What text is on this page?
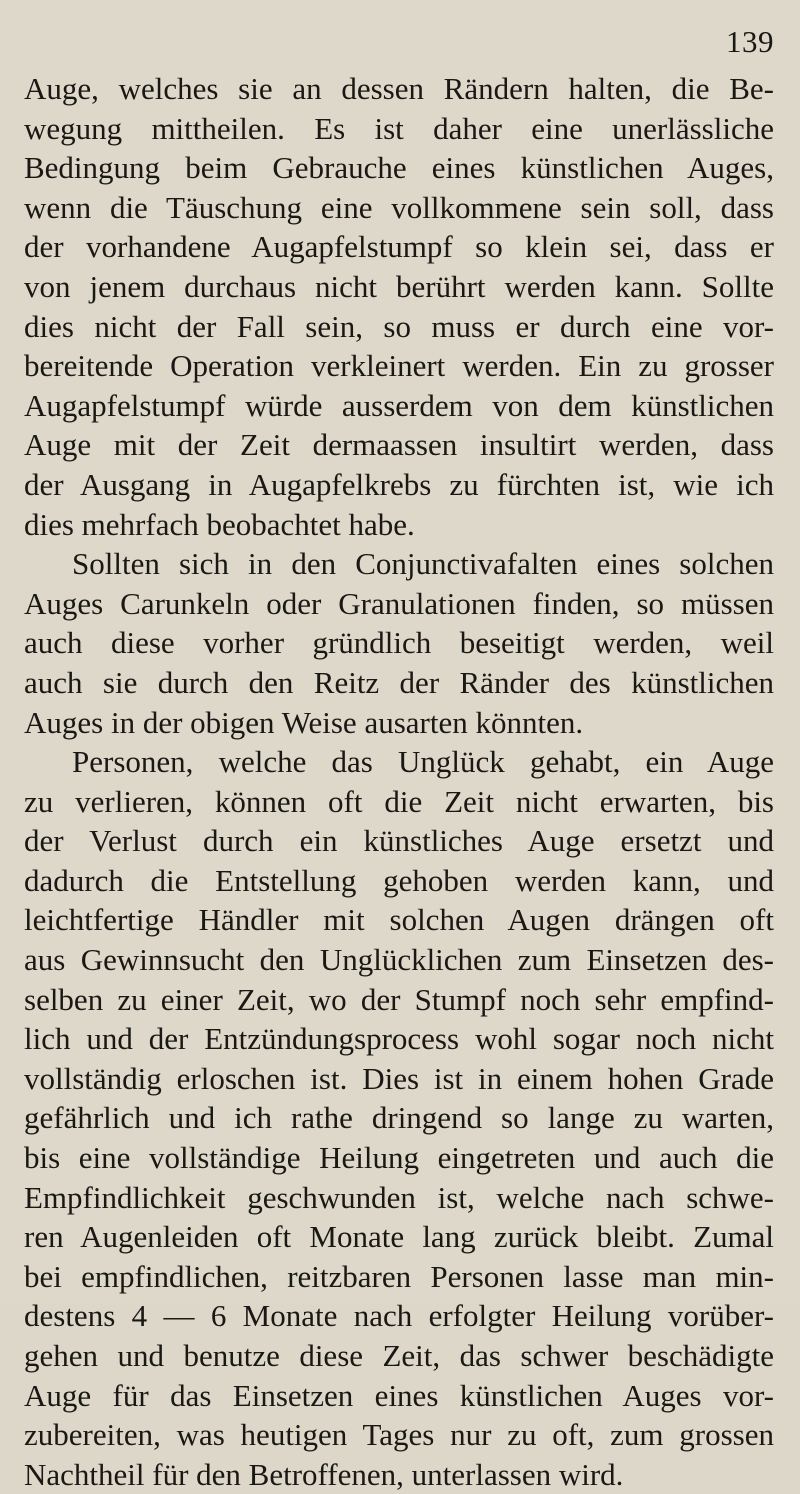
139
Auge, welches sie an dessen Rändern halten, die Be-
wegung mittheilen. Es ist daher eine unerlässliche
Bedingung beim Gebrauche eines künstlichen Auges,
wenn die Täuschung eine vollkommene sein soll, dass
der vorhandene Augapfelstumpf so klein sei, dass er
von jenem durchaus nicht berührt werden kann. Sollte
dies nicht der Fall sein, so muss er durch eine vor-
bereitende Operation verkleinert werden. Ein zu grosser
Augapfelstumpf würde ausserdem von dem künstlichen
Auge mit der Zeit dermaassen insultirt werden, dass
der Ausgang in Augapfelkrebs zu fürchten ist, wie ich
dies mehrfach beobachtet habe.
Sollten sich in den Conjunctivafalten eines solchen
Auges Carunkeln oder Granulationen finden, so müssen
auch diese vorher gründlich beseitigt werden, weil
auch sie durch den Reitz der Ränder des künstlichen
Auges in der obigen Weise ausarten könnten.
Personen, welche das Unglück gehabt, ein Auge
zu verlieren, können oft die Zeit nicht erwarten, bis
der Verlust durch ein künstliches Auge ersetzt und
dadurch die Entstellung gehoben werden kann, und
leichtfertige Händler mit solchen Augen drängen oft
aus Gewinnsucht den Unglücklichen zum Einsetzen des-
selben zu einer Zeit, wo der Stumpf noch sehr empfind-
lich und der Entzündungsprocess wohl sogar noch nicht
vollständig erloschen ist. Dies ist in einem hohen Grade
gefährlich und ich rathe dringend so lange zu warten,
bis eine vollständige Heilung eingetreten und auch die
Empfindlichkeit geschwunden ist, welche nach schwe-
ren Augenleiden oft Monate lang zurück bleibt. Zumal
bei empfindlichen, reitzbaren Personen lasse man min-
destens 4 — 6 Monate nach erfolgter Heilung vorüber-
gehen und benutze diese Zeit, das schwer beschädigte
Auge für das Einsetzen eines künstlichen Auges vor-
zubereiten, was heutigen Tages nur zu oft, zum grossen
Nachtheil für den Betroffenen, unterlassen wird.
